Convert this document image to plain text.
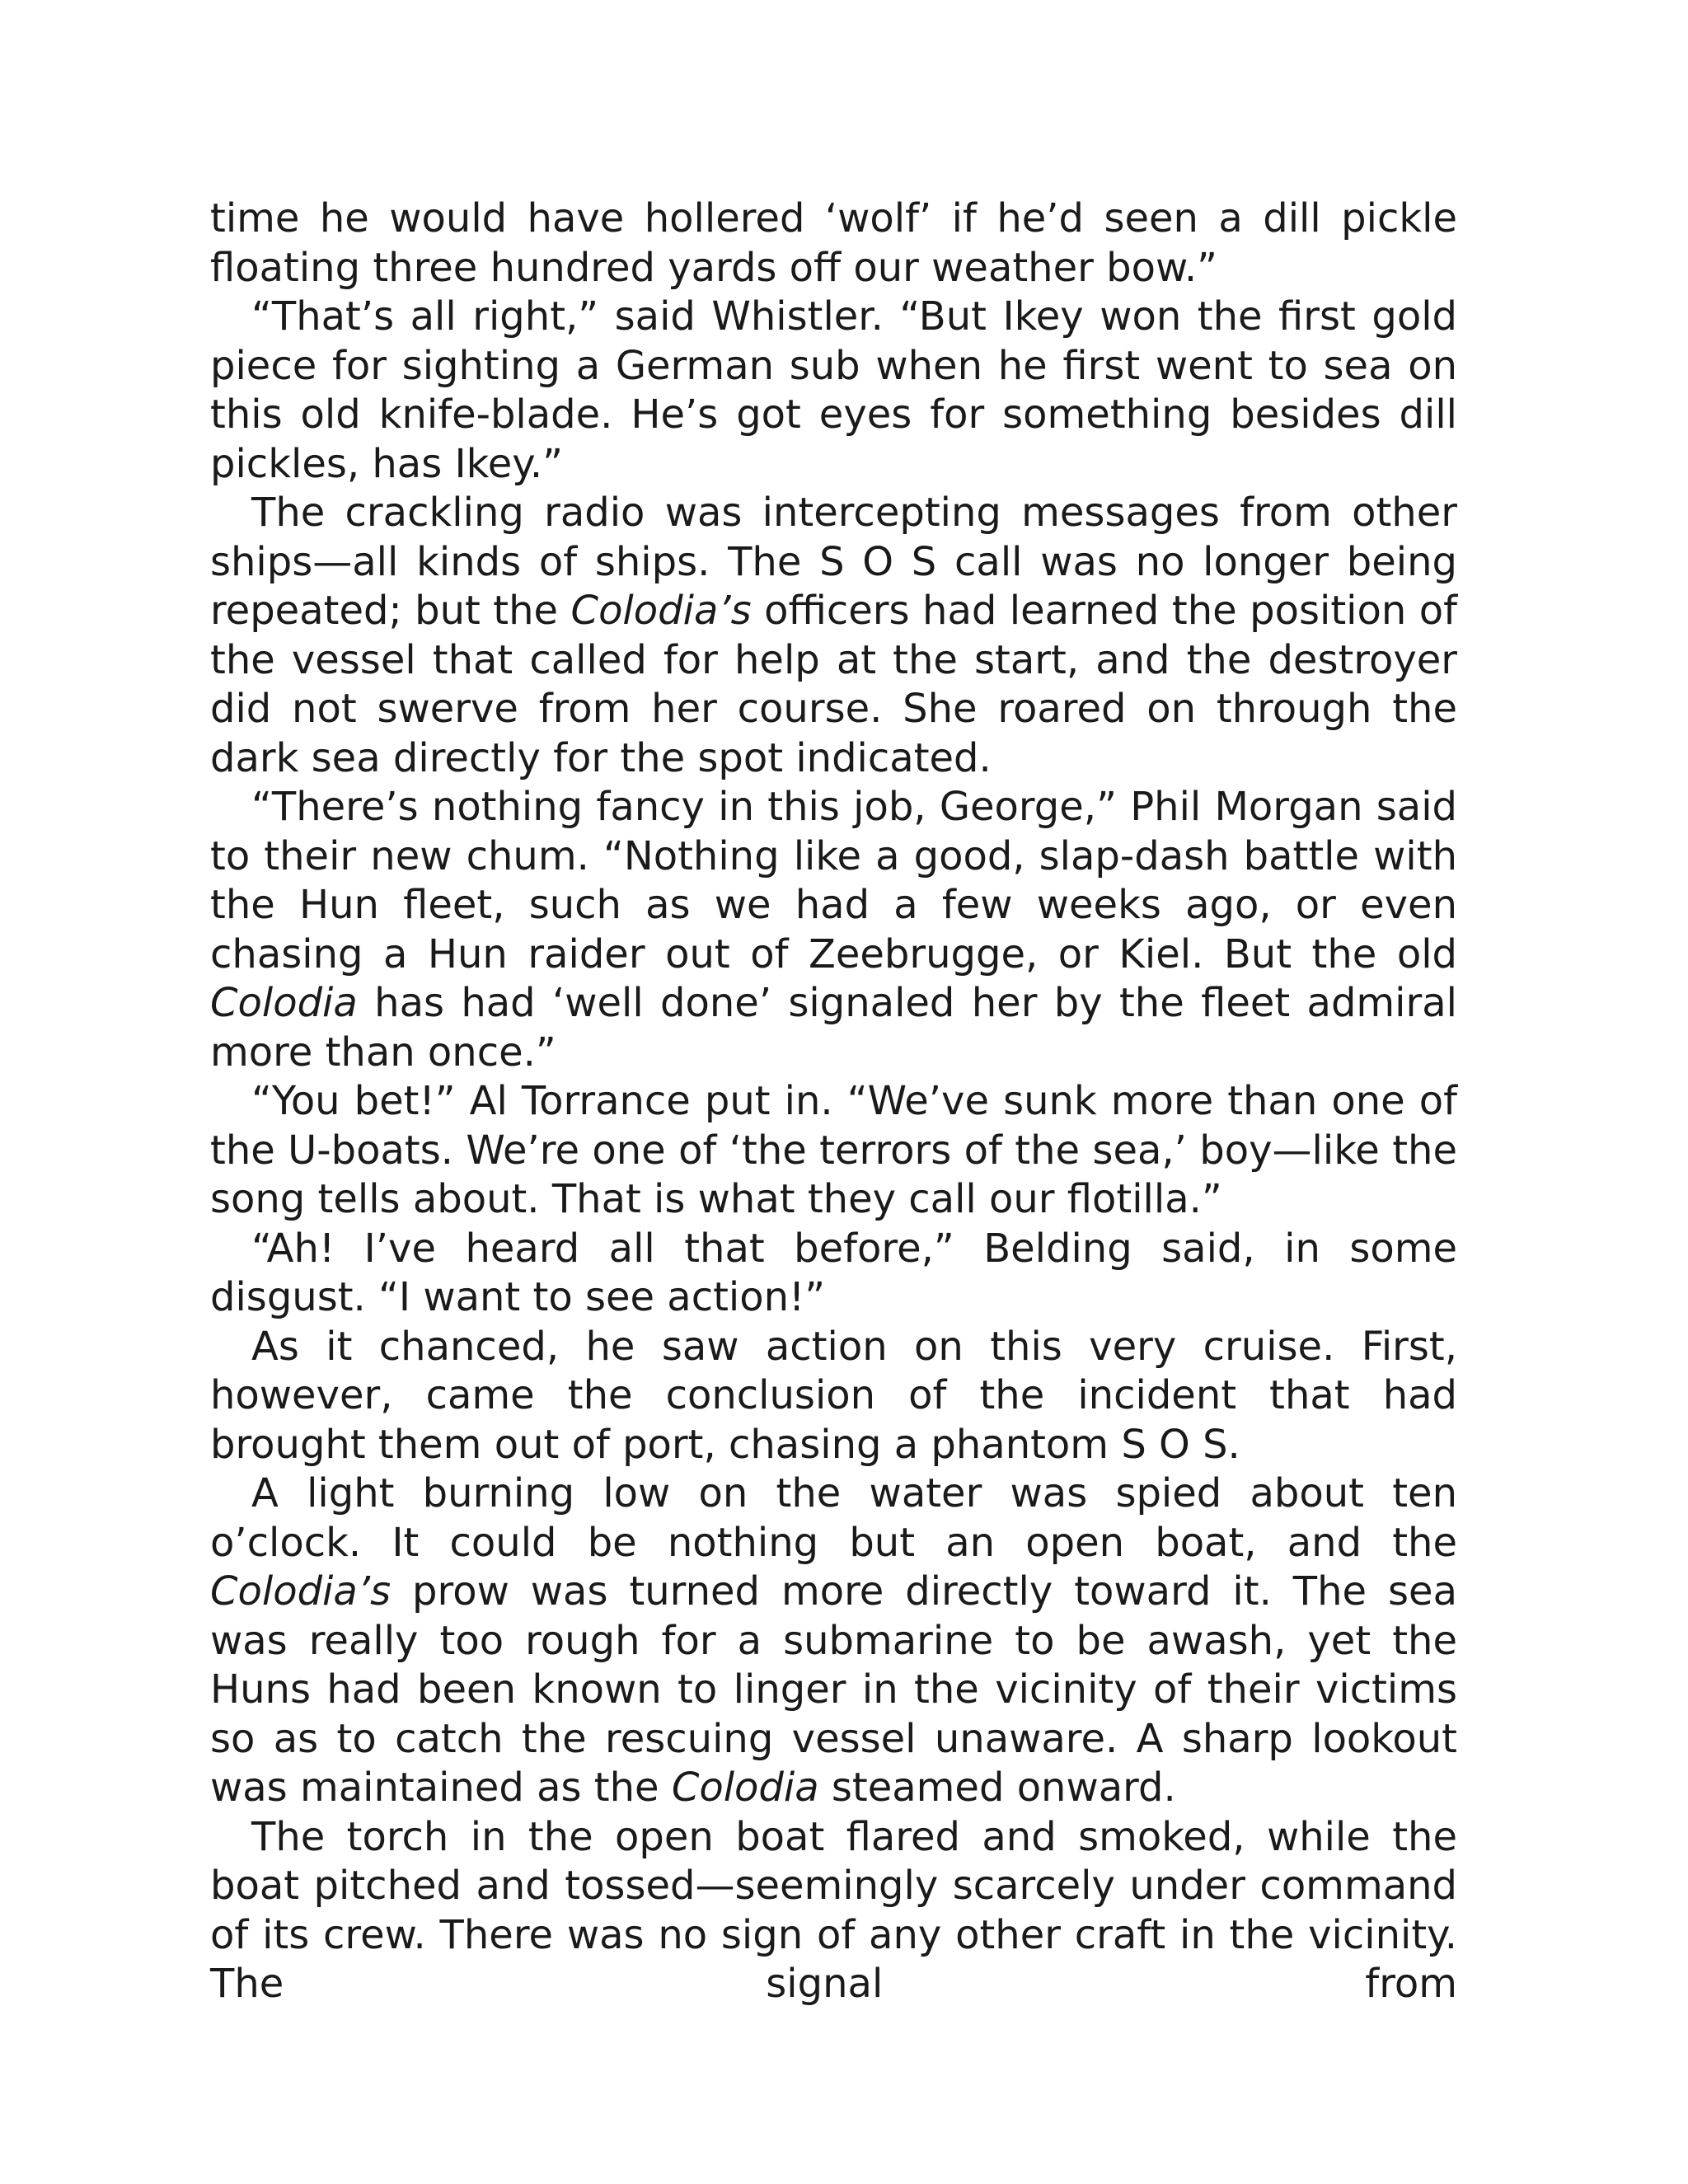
time he would have hollered ‘wolf’ if he’d seen a dill pickle floating three hundred yards off our weather bow.”

“That’s all right,” said Whistler. “But Ikey won the first gold piece for sighting a German sub when he first went to sea on this old knife-blade. He’s got eyes for something besides dill pickles, has Ikey.”

The crackling radio was intercepting messages from other ships—all kinds of ships. The S O S call was no longer being repeated; but the Colodia’s officers had learned the position of the vessel that called for help at the start, and the destroyer did not swerve from her course. She roared on through the dark sea directly for the spot indicated.

“There’s nothing fancy in this job, George,” Phil Morgan said to their new chum. “Nothing like a good, slap-dash battle with the Hun fleet, such as we had a few weeks ago, or even chasing a Hun raider out of Zeebrugge, or Kiel. But the old Colodia has had ‘well done’ signaled her by the fleet admiral more than once.”

“You bet!” Al Torrance put in. “We’ve sunk more than one of the U-boats. We’re one of ‘the terrors of the sea,’ boy—like the song tells about. That is what they call our flotilla.”

“Ah! I’ve heard all that before,” Belding said, in some disgust. “I want to see action!”

As it chanced, he saw action on this very cruise. First, however, came the conclusion of the incident that had brought them out of port, chasing a phantom S O S.

A light burning low on the water was spied about ten o’clock. It could be nothing but an open boat, and the Colodia’s prow was turned more directly toward it. The sea was really too rough for a submarine to be awash, yet the Huns had been known to linger in the vicinity of their victims so as to catch the rescuing vessel unaware. A sharp lookout was maintained as the Colodia steamed onward.

The torch in the open boat flared and smoked, while the boat pitched and tossed—seemingly scarcely under command of its crew. There was no sign of any other craft in the vicinity. The signal from
